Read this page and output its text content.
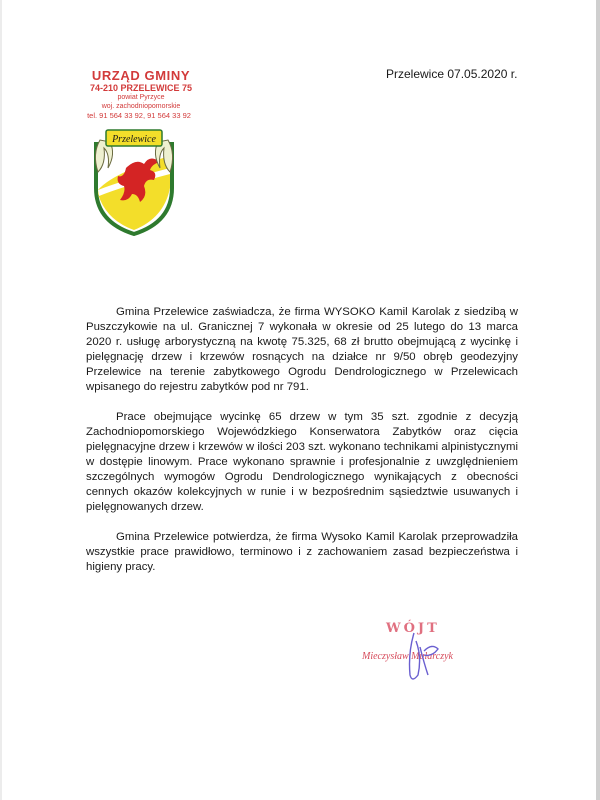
URZĄD GMINY
74-210 PRZELEWICE 75
powiat Pyrzyce
woj. zachodniopomorskie
tel. 91 564 33 92, 91 564 33 92
Przelewice
Przelewice 07.05.2020 r.

Gmina Przelewice zaświadcza, że firma WYSOKO Kamil Karolak z siedzibą w Puszczykowie na ul. Granicznej 7 wykonała w okresie od 25 lutego do 13 marca 2020 r. usługę arborystyczną na kwotę 75.325, 68 zł brutto obejmującą z wycinkę i pielęgnację drzew i krzewów rosnących na działce nr 9/50 obręb geodezyjny Przelewice na terenie zabytkowego Ogrodu Dendrologicznego w Przelewicach wpisanego do rejestru zabytków pod nr 791.

Prace obejmujące wycinkę 65 drzew w tym 35 szt. zgodnie z decyzją Zachodniopomorskiego Wojewódzkiego Konserwatora Zabytków oraz cięcia pielęgnacyjne drzew i krzewów w ilości 203 szt. wykonano technikami alpinistycznymi w dostępie linowym. Prace wykonano sprawnie i profesjonalnie z uwzględnieniem szczególnych wymogów Ogrodu Dendrologicznego wynikających z obecności cennych okazów kolekcyjnych w runie i w bezpośrednim sąsiedztwie usuwanych i pielęgnowanych drzew.

Gmina Przelewice potwierdza, że firma Wysoko Kamil Karolak przeprowadziła wszystkie prace prawidłowo, terminowo i z zachowaniem zasad bezpieczeństwa i higieny pracy.

WÓJT
Mieczysław Mularczyk
